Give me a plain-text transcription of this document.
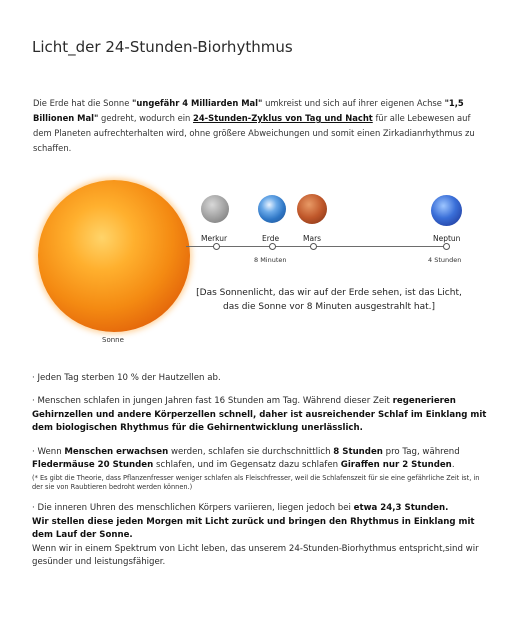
Licht_der 24-Stunden-Biorhythmus
Die Erde hat die Sonne "ungefähr 4 Milliarden Mal" umkreist und sich auf ihrer eigenen Achse "1,5 Billionen Mal" gedreht, wodurch ein 24-Stunden-Zyklus von Tag und Nacht für alle Lebewesen auf dem Planeten aufrechterhalten wird, ohne größere Abweichungen und somit einen Zirkadianrhythmus zu schaffen.
Sonne
Merkur	Erde	Mars	Neptun
8 Minuten	4 Stunden
[Das Sonnenlicht, das wir auf der Erde sehen, ist das Licht,
das die Sonne vor 8 Minuten ausgestrahlt hat.]
· Jeden Tag sterben 10 % der Hautzellen ab.
· Menschen schlafen in jungen Jahren fast 16 Stunden am Tag. Während dieser Zeit regenerieren Gehirnzellen und andere Körperzellen schnell, daher ist ausreichender Schlaf im Einklang mit dem biologischen Rhythmus für die Gehirnentwicklung unerlässlich.
· Wenn Menschen erwachsen werden, schlafen sie durchschnittlich 8 Stunden pro Tag, während Fledermäuse 20 Stunden schlafen, und im Gegensatz dazu schlafen Giraffen nur 2 Stunden.
(* Es gibt die Theorie, dass Pflanzenfresser weniger schlafen als Fleischfresser, weil die Schlafenszeit für sie eine gefährliche Zeit ist, in der sie von Raubtieren bedroht werden können.)
· Die inneren Uhren des menschlichen Körpers variieren, liegen jedoch bei etwa 24,3 Stunden.
Wir stellen diese jeden Morgen mit Licht zurück und bringen den Rhythmus in Einklang mit dem Lauf der Sonne.
Wenn wir in einem Spektrum von Licht leben, das unserem 24-Stunden-Biorhythmus entspricht,sind wir gesünder und leistungsfähiger.
